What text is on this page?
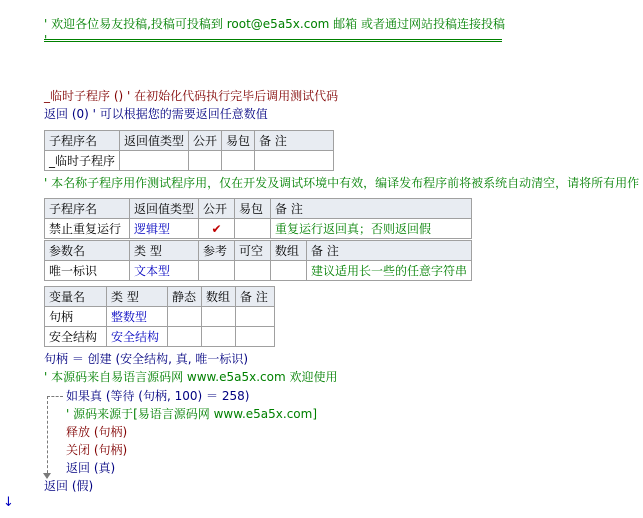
' 欢迎各位易友投稿,投稿可投稿到 root@e5a5x.com 邮箱 或者通过网站投稿连接投稿
'
_临时子程序 () ' 在初始化代码执行完毕后调用测试代码
返回 (0) ' 可以根据您的需要返回任意数值
子程序名	返回值类型	公开	易包	备 注
_临时子程序				
' 本名称子程序用作测试程序用，仅在开发及调试环境中有效，编译发布程序前将被系统自动清空，请将所有用作
子程序名	返回值类型	公开	易包	备 注
禁止重复运行	逻辑型	✔		重复运行返回真；否则返回假
参数名	类 型	参考	可空	数组	备 注
唯一标识	文本型				建议适用长一些的任意字符串
变量名	类 型	静态	数组	备 注
句柄	整数型			
安全结构	安全结构			
句柄 ＝ 创建 (安全结构, 真, 唯一标识)
' 本源码来自易语言源码网 www.e5a5x.com 欢迎使用
如果真 (等待 (句柄, 100) ＝ 258)
' 源码来源于[易语言源码网 www.e5a5x.com]
释放 (句柄)
关闭 (句柄)
返回 (真)
返回 (假)
↓
